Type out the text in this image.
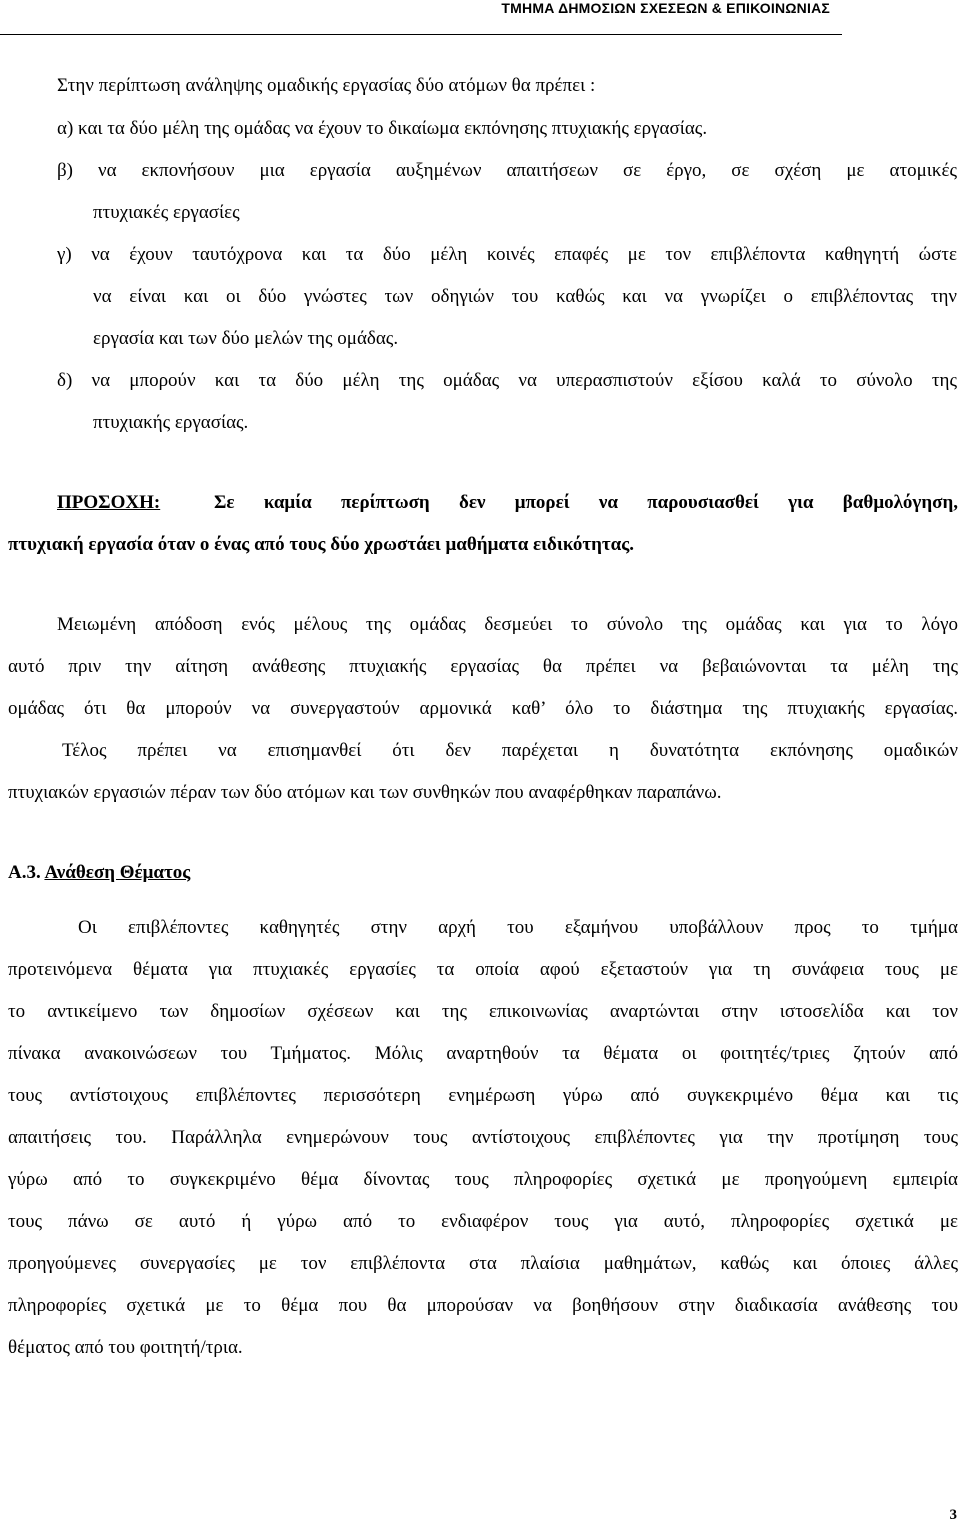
ΤΜΗΜΑ ΔΗΜΟΣΙΩΝ ΣΧΕΣΕΩΝ & ΕΠΙΚΟΙΝΩΝΙΑΣ
Στην περίπτωση ανάληψης ομαδικής εργασίας δύο ατόμων θα πρέπει :
α) και τα δύο μέλη της ομάδας να έχουν το δικαίωμα εκπόνησης πτυχιακής εργασίας.
β) να εκπονήσουν μια εργασία αυξημένων απαιτήσεων σε έργο, σε σχέση με ατομικές
πτυχιακές εργασίες
γ) να έχουν ταυτόχρονα και τα δύο μέλη κοινές επαφές με τον επιβλέποντα καθηγητή ώστε
να είναι και οι δύο γνώστες των οδηγιών του καθώς και να γνωρίζει ο επιβλέποντας την
εργασία και των δύο μελών της ομάδας.
δ) να μπορούν και τα δύο μέλη της ομάδας να υπερασπιστούν εξίσου καλά το σύνολο της
πτυχιακής εργασίας.
ΠΡΟΣΟΧΗ:	Σε καμία περίπτωση δεν μπορεί να παρουσιασθεί για βαθμολόγηση,
πτυχιακή εργασία όταν ο ένας από τους δύο χρωστάει μαθήματα ειδικότητας.
Μειωμένη απόδοση ενός μέλους της ομάδας δεσμεύει το σύνολο της ομάδας και για το λόγο
αυτό πριν την αίτηση ανάθεσης πτυχιακής εργασίας θα πρέπει να βεβαιώνονται τα μέλη της
ομάδας ότι θα μπορούν να συνεργαστούν αρμονικά καθ’ όλο το διάστημα της πτυχιακής εργασίας.
Τέλος πρέπει να επισημανθεί ότι δεν παρέχεται η δυνατότητα εκπόνησης ομαδικών
πτυχιακών εργασιών πέραν των δύο ατόμων και των συνθηκών που αναφέρθηκαν παραπάνω.
Α.3. Ανάθεση Θέματος
Οι επιβλέποντες καθηγητές στην αρχή του εξαμήνου υποβάλλουν προς το τμήμα
προτεινόμενα θέματα για πτυχιακές εργασίες τα οποία αφού εξεταστούν για τη συνάφεια τους με
το αντικείμενο των δημοσίων σχέσεων και της επικοινωνίας αναρτώνται στην ιστοσελίδα και τον
πίνακα ανακοινώσεων του Τμήματος. Μόλις αναρτηθούν τα θέματα οι φοιτητές/τριες ζητούν από
τους αντίστοιχους επιβλέποντες περισσότερη ενημέρωση γύρω από συγκεκριμένο θέμα και τις
απαιτήσεις του. Παράλληλα ενημερώνουν τους αντίστοιχους επιβλέποντες για την προτίμηση τους
γύρω από το συγκεκριμένο θέμα δίνοντας τους πληροφορίες σχετικά με προηγούμενη εμπειρία
τους πάνω σε αυτό ή γύρω από το ενδιαφέρον τους για αυτό, πληροφορίες σχετικά με
προηγούμενες συνεργασίες με τον επιβλέποντα στα πλαίσια μαθημάτων, καθώς και όποιες άλλες
πληροφορίες σχετικά με το θέμα που θα μπορούσαν να βοηθήσουν στην διαδικασία ανάθεσης του
θέματος από του φοιτητή/τρια.
3
